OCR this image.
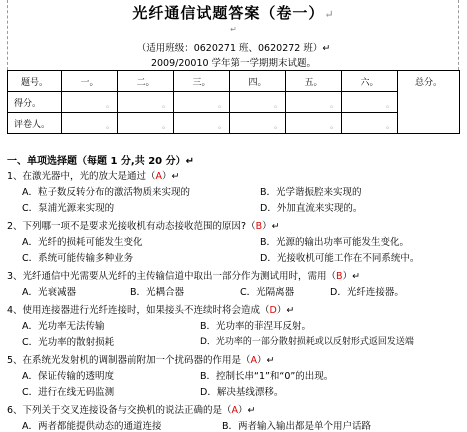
光纤通信试题答案（卷一）↵
↵
（适用班级：0620271 班、0620272 班）↵
2009/20010 学年第一学期期末试题。
题号。	一。	二。	三。	四。	五。	六。	总分。
得分。	。	。	。	。	。	。	

评卷人。	。	。	。	。	。	。	
一、单项选择题（每题 1 分,共 20 分）↵
1、在激光器中，光的放大是通过（A）↵
A．粒子数反转分布的激活物质来实现的	B．光学谐振腔来实现的
C．泵浦光源来实现的	D．外加直流来实现的。
2、下列哪一项不是要求光接收机有动态接收范围的原因?（B）↵
A．光纤的损耗可能发生变化	B．光源的输出功率可能发生变化。
C．系统可能传输多种业务	D．光接收机可能工作在不同系统中。
3、光纤通信中光需要从光纤的主传输信道中取出一部分作为测试用时，需用（B）↵
A．光衰减器	B．光耦合器	C．光隔离器	D．光纤连接器。
4、使用连接器进行光纤连接时，如果接头不连续时将会造成（D）↵
A．光功率无法传输	B．光功率的菲涅耳反射。
C．光功率的散射损耗	D．光功率的一部分散射损耗或以反射形式返回发送端
5、在系统光发射机的调制器前附加一个扰码器的作用是（A）↵
A．保证传输的透明度	B．控制长串“1”和“0”的出现。
C．进行在线无码监测	D．解决基线漂移。
6、下列关于交叉连接设备与交换机的说法正确的是（A）↵
A．两者都能提供动态的通道连接	B．两者输入输出都是单个用户话路
